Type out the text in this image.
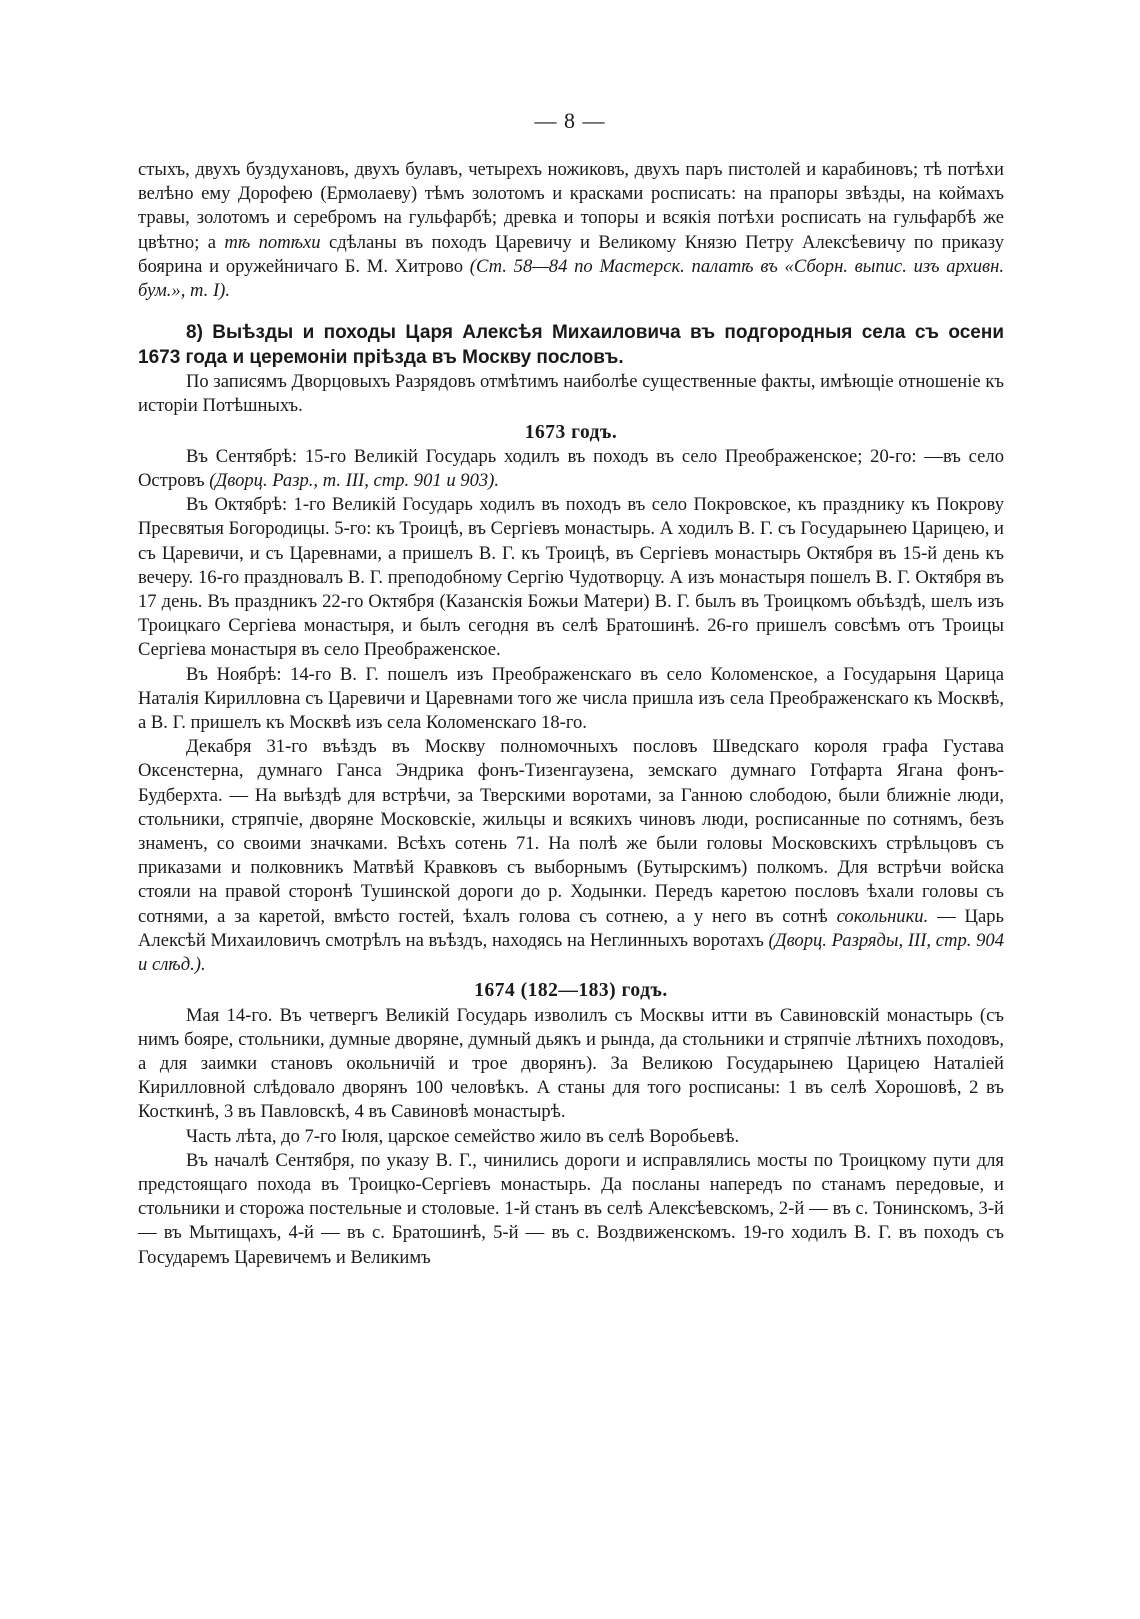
— 8 —

стыхъ, двухъ буздухановъ, двухъ булавъ, четырехъ ножиковъ, двухъ паръ пистолей и карабиновъ; тѣ потѣхи велѣно ему Дорофею (Ермолаеву) тѣмъ золотомъ и красками росписать: на прапоры звѣзды, на коймахъ травы, золотомъ и серебромъ на гульфарбѣ; древка и топоры и всякія потѣхи росписать на гульфарбѣ же цвѣтно; а тѣ потѣхи сдѣланы въ походъ Царевичу и Великому Князю Петру Алексѣевичу по приказу боярина и оружейничаго Б. М. Хитрово (Ст. 58—84 по Мастерск. палатѣ въ «Сборн. выпис. изъ архивн. бум.», т. I).

8) Выѣзды и походы Царя Алексѣя Михаиловича въ подгородныя села съ осени 1673 года и церемоніи пріѣзда въ Москву пословъ.

По записямъ Дворцовыхъ Разрядовъ отмѣтимъ наиболѣе существенные факты, имѣющіе отношеніе къ исторіи Потѣшныхъ.

1673 годъ.

Въ Сентябрѣ: 15-го Великій Государь ходилъ въ походъ въ село Преображенское; 20-го: —въ село Островъ (Дворц. Разр., т. III, стр. 901 и 903).

Въ Октябрѣ: 1-го Великій Государь ходилъ въ походъ въ село Покровское, къ празднику къ Покрову Пресвятыя Богородицы. 5-го: къ Троицѣ, въ Сергіевъ монастырь. А ходилъ В. Г. съ Государынею Царицею, и съ Царевичи, и съ Царевнами, а пришелъ В. Г. къ Троицѣ, въ Сергіевъ монастырь Октября въ 15-й день къ вечеру. 16-го праздновалъ В. Г. преподобному Сергію Чудотворцу. А изъ монастыря пошелъ В. Г. Октября въ 17 день. Въ праздникъ 22-го Октября (Казанскія Божьи Матери) В. Г. былъ въ Троицкомъ объѣздѣ, шелъ изъ Троицкаго Сергіева монастыря, и былъ сегодня въ селѣ Братошинѣ. 26-го пришелъ совсѣмъ отъ Троицы Сергіева монастыря въ село Преображенское.

Въ Ноябрѣ: 14-го В. Г. пошелъ изъ Преображенскаго въ село Коломенское, а Государыня Царица Наталія Кирилловна съ Царевичи и Царевнами того же числа пришла изъ села Преображенскаго къ Москвѣ, а В. Г. пришелъ къ Москвѣ изъ села Коломенскаго 18-го.

Декабря 31-го въѣздъ въ Москву полномочныхъ пословъ Шведскаго короля графа Густава Оксенстерна, думнаго Ганса Эндрика фонъ-Тизенгаузена, земскаго думнаго Готфарта Ягана фонъ-Будберхта. — На выѣздѣ для встрѣчи, за Тверскими воротами, за Ганною слободою, были ближніе люди, стольники, стряпчіе, дворяне Московскіе, жильцы и всякихъ чиновъ люди, росписанные по сотнямъ, безъ знаменъ, со своими значками. Всѣхъ сотень 71. На полѣ же были головы Московскихъ стрѣльцовъ съ приказами и полковникъ Матвѣй Кравковъ съ выборнымъ (Бутырскимъ) полкомъ. Для встрѣчи войска стояли на правой сторонѣ Тушинской дороги до р. Ходынки. Передъ каретою пословъ ѣхали головы съ сотнями, а за каретой, вмѣсто гостей, ѣхалъ голова съ сотнею, а у него въ сотнѣ сокольники. — Царь Алексѣй Михаиловичъ смотрѣлъ на въѣздъ, находясь на Неглинныхъ воротахъ (Дворц. Разряды, III, стр. 904 и слѣд.).

1674 (182—183) годъ.

Мая 14-го. Въ четвергъ Великій Государь изволилъ съ Москвы итти въ Савиновскій монастырь (съ нимъ бояре, стольники, думные дворяне, думный дьякъ и рында, да стольники и стряпчіе лѣтнихъ походовъ, а для заимки становъ окольничій и трое дворянъ). За Великою Государынею Царицею Наталіей Кирилловной слѣдовало дворянъ 100 человѣкъ. А станы для того росписаны: 1 въ селѣ Хорошовѣ, 2 въ Косткинѣ, 3 въ Павловскѣ, 4 въ Савиновѣ монастырѣ.

Часть лѣта, до 7-го Іюля, царское семейство жило въ селѣ Воробьевѣ.

Въ началѣ Сентября, по указу В. Г., чинились дороги и исправлялись мосты по Троицкому пути для предстоящаго похода въ Троицко-Сергіевъ монастырь. Да посланы напередъ по станамъ передовые, и стольники и сторожа постельные и столовые. 1-й станъ въ селѣ Алексѣевскомъ, 2-й — въ с. Тонинскомъ, 3-й — въ Мытищахъ, 4-й — въ с. Братошинѣ, 5-й — въ с. Воздвиженскомъ. 19-го ходилъ В. Г. въ походъ съ Государемъ Царевичемъ и Великимъ
